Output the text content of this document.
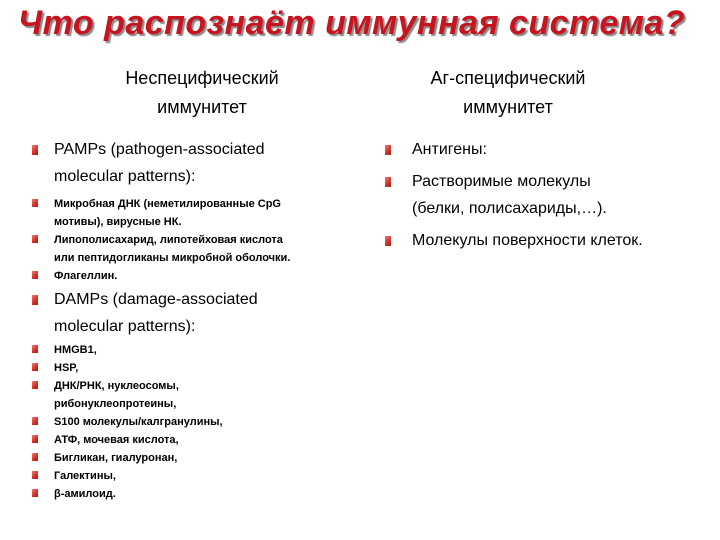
Что распознаёт иммунная система?
Неспецифический
иммунитет
Аг-специфический
иммунитет
PAMPs (pathogen-associated
molecular patterns):
Микробная ДНК (неметилированные CpG
мотивы), вирусные НК.
Липополисахарид, липотейховая кислота
или пептидогликаны микробной оболочки.
Флагеллин.
DAMPs (damage-associated
molecular patterns):
HMGB1,
HSP,
ДНК/РНК, нуклеосомы,
рибонуклеопротеины,
S100 молекулы/калгранулины,
АТФ, мочевая кислота,
Бигликан, гиалуронан,
Галектины,
β-амилоид.
Антигены:
Растворимые молекулы
(белки, полисахариды,…).
Молекулы поверхности клеток.
